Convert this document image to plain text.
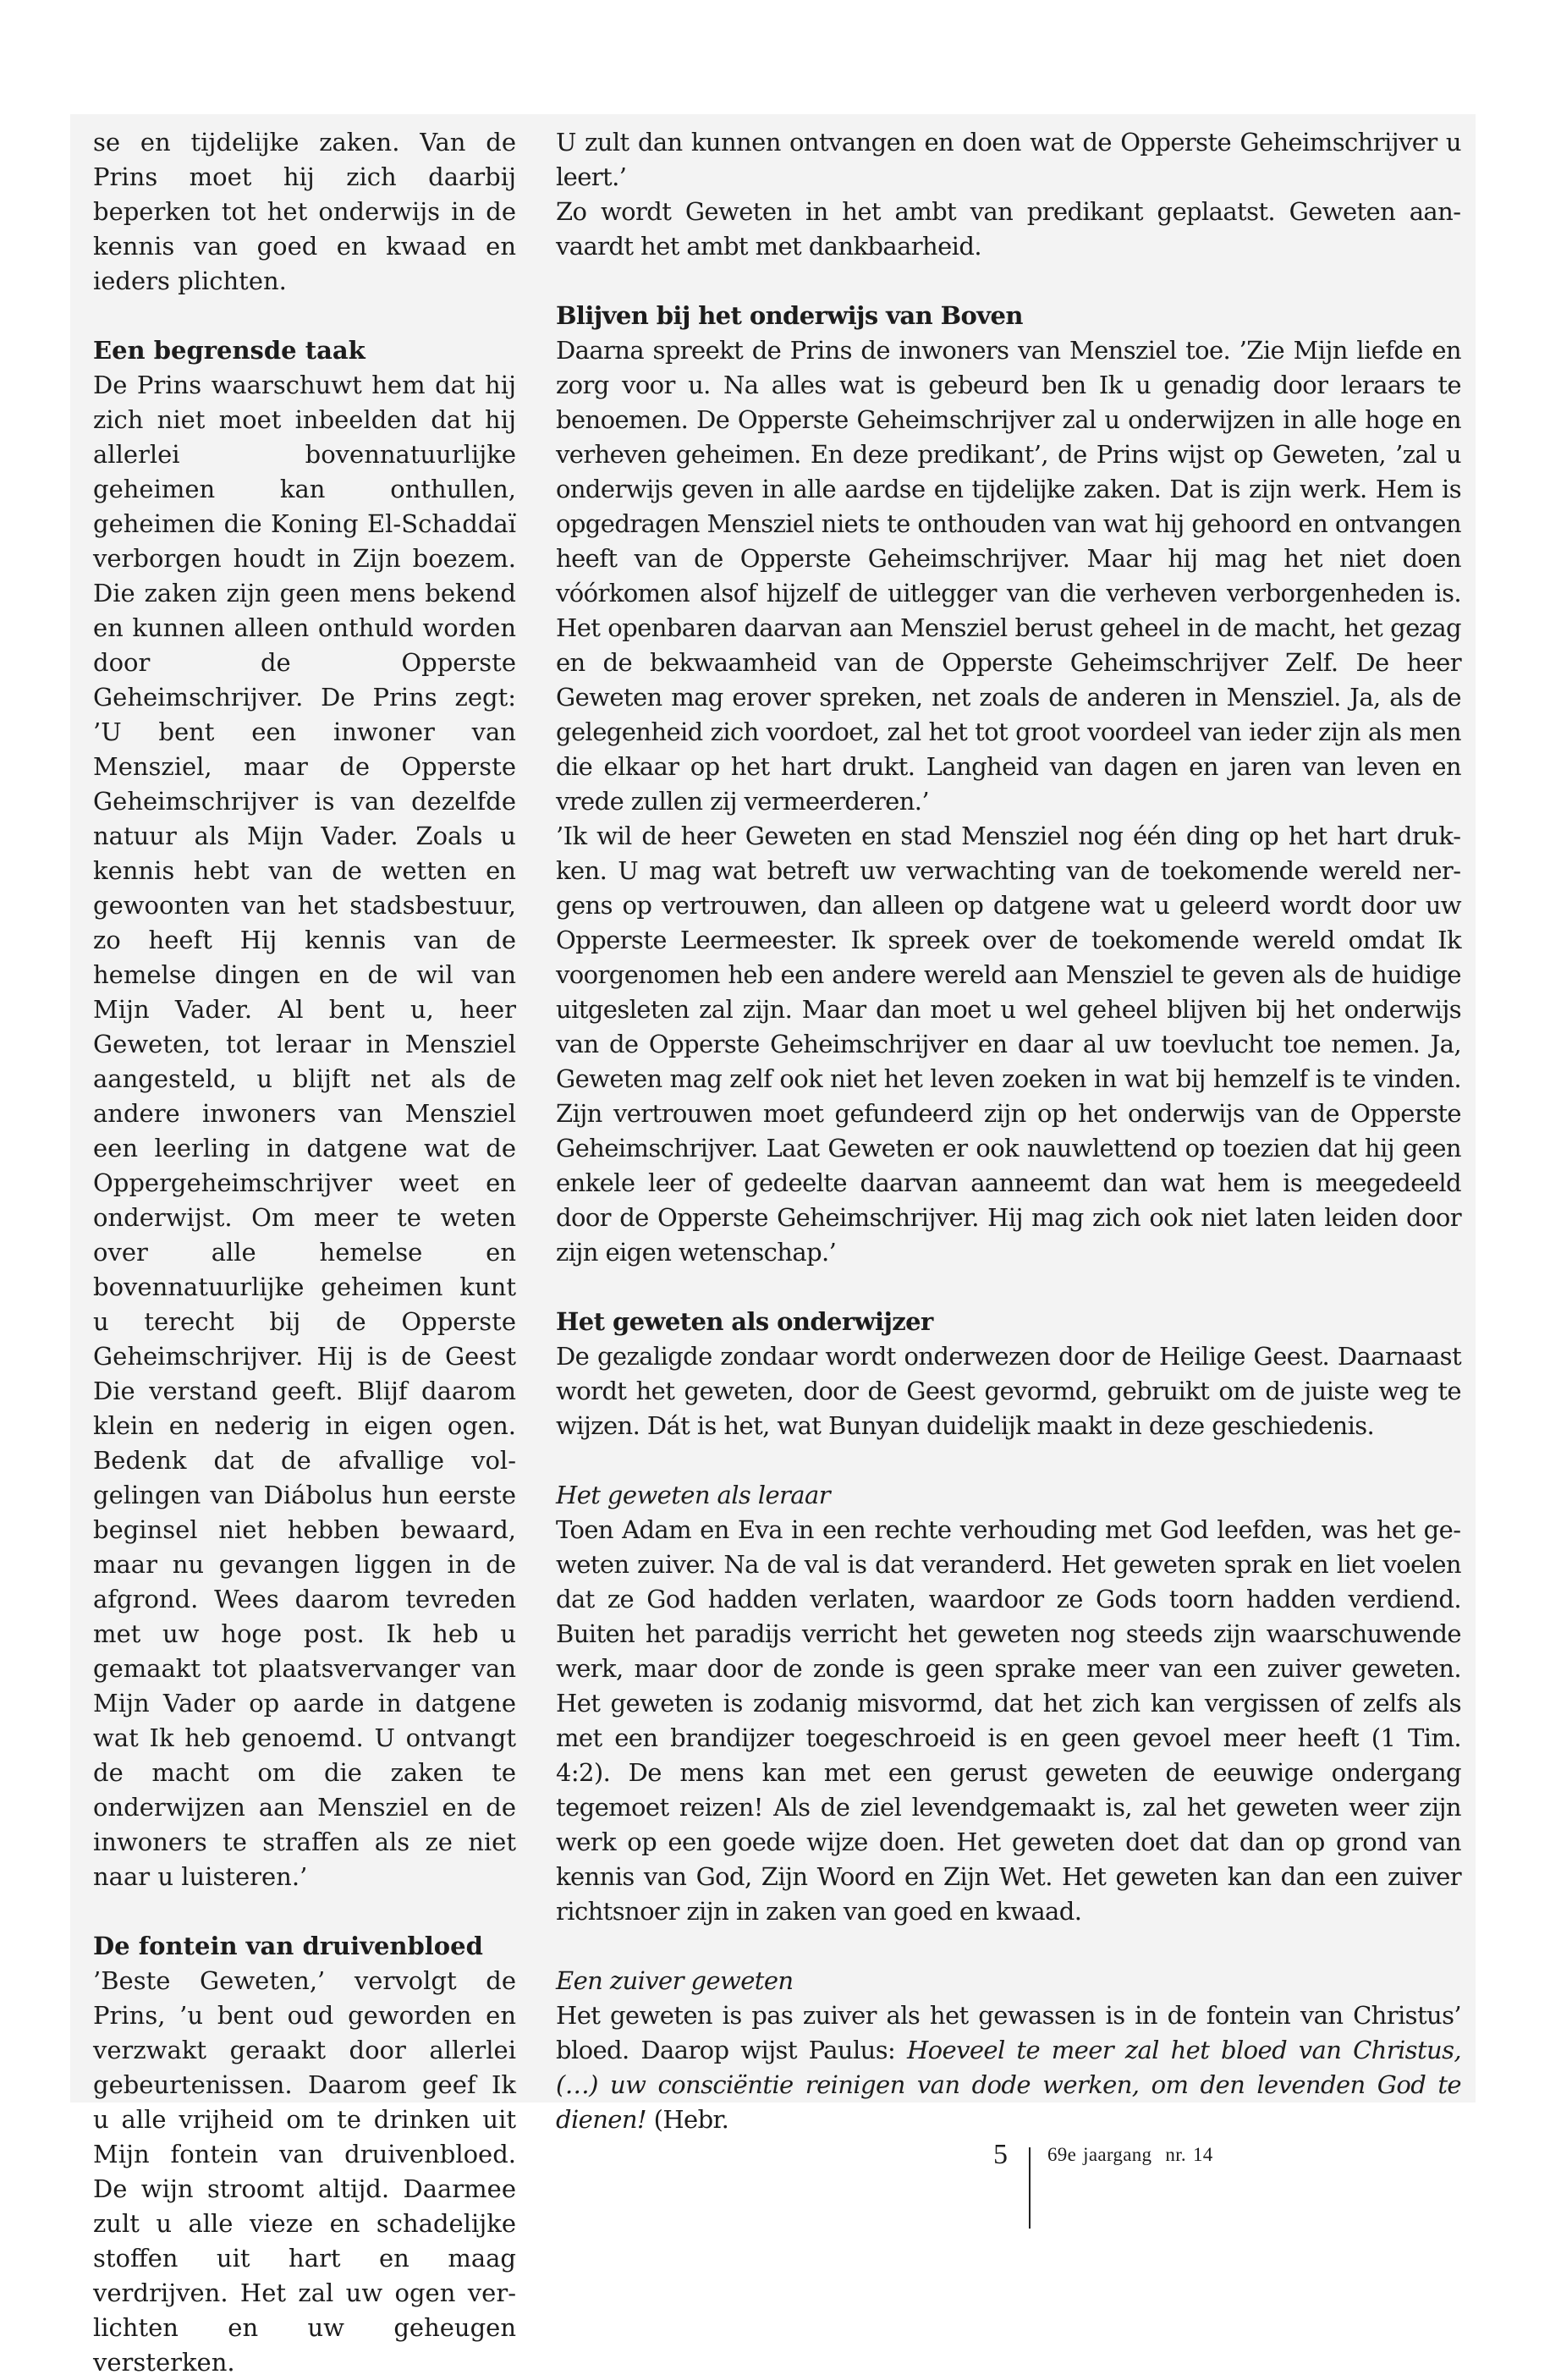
se en tijdelijke zaken. Van de Prins moet hij zich daarbij beperken tot het onderwijs in de kennis van goed en kwaad en ieders plichten.

Een begrensde taak

De Prins waarschuwt hem dat hij zich niet moet inbeelden dat hij allerlei bovennatuurlijke geheimen kan onthullen, geheimen die Koning El-Schaddaï verborgen houdt in Zijn boezem. Die zaken zijn geen mens bekend en kunnen alleen onthuld worden door de Opperste Geheimschrijver. De Prins zegt: ’U bent een inwoner van Mensziel, maar de Opperste Geheimschrijver is van dezelfde natuur als Mijn Vader. Zoals u kennis hebt van de wetten en gewoonten van het stadsbestuur, zo heeft Hij kennis van de hemelse dingen en de wil van Mijn Vader. Al bent u, heer Geweten, tot leraar in Mensziel aangesteld, u blijft net als de andere inwoners van Mensziel een leerling in datgene wat de Oppergeheimschrijver weet en onderwijst. Om meer te weten over alle hemelse en bovennatuurlijke geheimen kunt u terecht bij de Opperste Geheimschrijver. Hij is de Geest Die verstand geeft. Blijf daarom klein en nederig in eigen ogen. Bedenk dat de afvallige volgelingen van Diábolus hun eerste beginsel niet hebben bewaard, maar nu gevangen liggen in de afgrond. Wees daarom tevreden met uw hoge post. Ik heb u gemaakt tot plaatsvervanger van Mijn Vader op aarde in datgene wat Ik heb genoemd. U ontvangt de macht om die zaken te onderwijzen aan Mensziel en de inwoners te straffen als ze niet naar u luisteren.’

De fontein van druivenbloed

’Beste Geweten,’ vervolgt de Prins, ’u bent oud geworden en verzwakt geraakt door allerlei gebeurtenissen. Daarom geef Ik u alle vrijheid om te drinken uit Mijn fontein van druivenbloed. De wijn stroomt altijd. Daarmee zult u alle vieze en schadelijke stoffen uit hart en maag verdrijven. Het zal uw ogen verlichten en uw geheugen versterken.

U zult dan kunnen ontvangen en doen wat de Opperste Geheimschrijver u leert.’

Zo wordt Geweten in het ambt van predikant geplaatst. Geweten aanvaardt het ambt met dankbaarheid.

Blijven bij het onderwijs van Boven

Daarna spreekt de Prins de inwoners van Mensziel toe. ’Zie Mijn liefde en zorg voor u. Na alles wat is gebeurd ben Ik u genadig door leraars te benoemen. De Opperste Geheimschrijver zal u onderwijzen in alle hoge en verheven geheimen. En deze predikant’, de Prins wijst op Geweten, ’zal u onderwijs geven in alle aardse en tijdelijke zaken. Dat is zijn werk. Hem is opgedragen Mensziel niets te onthouden van wat hij gehoord en ontvangen heeft van de Opperste Geheimschrijver. Maar hij mag het niet doen vóórkomen alsof hijzelf de uitlegger van die verheven verborgenheden is. Het openbaren daarvan aan Mensziel berust geheel in de macht, het gezag en de bekwaamheid van de Opperste Geheimschrijver Zelf. De heer Geweten mag erover spreken, net zoals de anderen in Mensziel. Ja, als de gelegenheid zich voordoet, zal het tot groot voordeel van ieder zijn als men die elkaar op het hart drukt. Langheid van dagen en jaren van leven en vrede zullen zij vermeerderen.’

’Ik wil de heer Geweten en stad Mensziel nog één ding op het hart drukken. U mag wat betreft uw verwachting van de toekomende wereld nergens op vertrouwen, dan alleen op datgene wat u geleerd wordt door uw Opperste Leermeester. Ik spreek over de toekomende wereld omdat Ik voorgenomen heb een andere wereld aan Mensziel te geven als de huidige uitgesleten zal zijn. Maar dan moet u wel geheel blijven bij het onderwijs van de Opperste Geheimschrijver en daar al uw toevlucht toe nemen. Ja, Geweten mag zelf ook niet het leven zoeken in wat bij hemzelf is te vinden. Zijn vertrouwen moet gefundeerd zijn op het onderwijs van de Opperste Geheimschrijver. Laat Geweten er ook nauwlettend op toezien dat hij geen enkele leer of gedeelte daarvan aanneemt dan wat hem is meegedeeld door de Opperste Geheimschrijver. Hij mag zich ook niet laten leiden door zijn eigen wetenschap.’

Het geweten als onderwijzer

De gezaligde zondaar wordt onderwezen door de Heilige Geest. Daarnaast wordt het geweten, door de Geest gevormd, gebruikt om de juiste weg te wijzen. Dát is het, wat Bunyan duidelijk maakt in deze geschiedenis.

Het geweten als leraar

Toen Adam en Eva in een rechte verhouding met God leefden, was het geweten zuiver. Na de val is dat veranderd. Het geweten sprak en liet voelen dat ze God hadden verlaten, waardoor ze Gods toorn hadden verdiend. Buiten het paradijs verricht het geweten nog steeds zijn waarschuwende werk, maar door de zonde is geen sprake meer van een zuiver geweten. Het geweten is zodanig misvormd, dat het zich kan vergissen of zelfs als met een brandijzer toegeschroeid is en geen gevoel meer heeft (1 Tim. 4:2). De mens kan met een gerust geweten de eeuwige ondergang tegemoet reizen! Als de ziel levendgemaakt is, zal het geweten weer zijn werk op een goede wijze doen. Het geweten doet dat dan op grond van kennis van God, Zijn Woord en Zijn Wet. Het geweten kan dan een zuiver richtsnoer zijn in zaken van goed en kwaad.

Een zuiver geweten

Het geweten is pas zuiver als het gewassen is in de fontein van Christus’ bloed. Daarop wijst Paulus: Hoeveel te meer zal het bloed van Christus, (…) uw consciëntie reinigen van dode werken, om den levenden God te dienen! (Hebr.

5 69e jaargang  nr. 14
